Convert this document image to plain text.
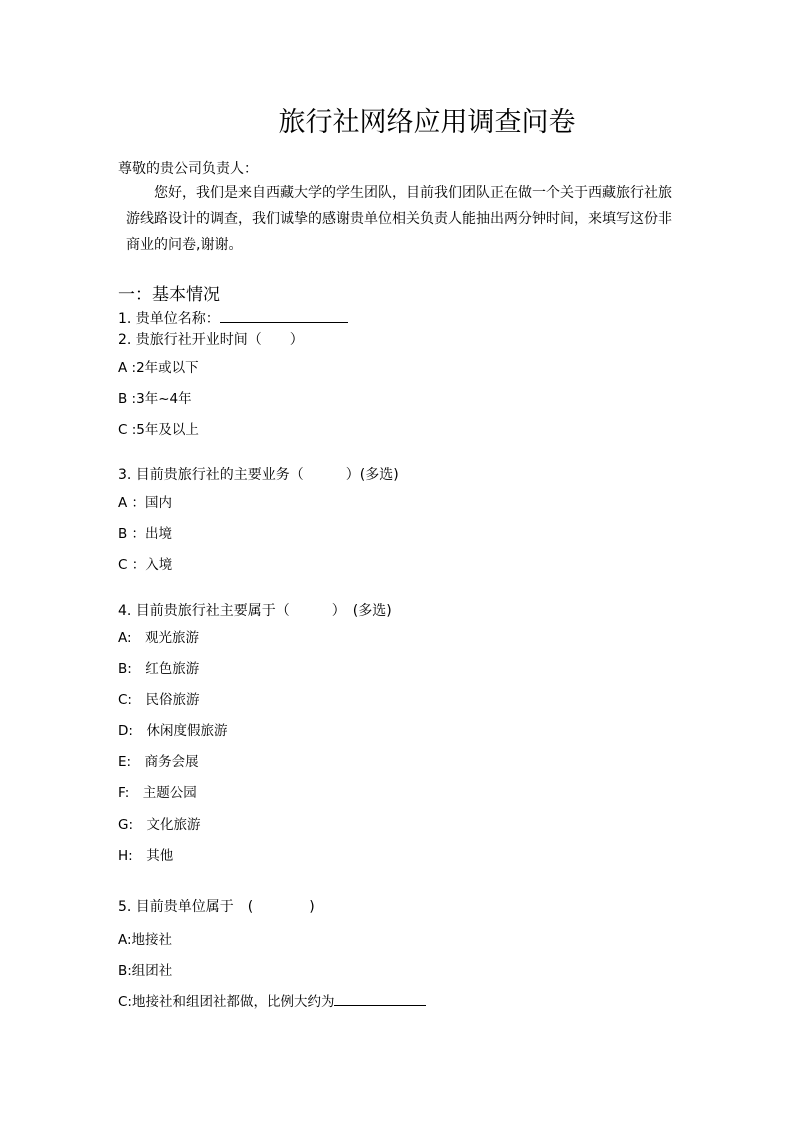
旅行社网络应用调查问卷
尊敬的贵公司负责人：
您好，我们是来自西藏大学的学生团队，目前我们团队正在做一个关于西藏旅行社旅游线路设计的调查，我们诚挚的感谢贵单位相关负责人能抽出两分钟时间，来填写这份非商业的问卷,谢谢。
一：基本情况
1. 贵单位名称：
2. 贵旅行社开业时间（　　）
A :2年或以下
B :3年~4年
C :5年及以上
3. 目前贵旅行社的主要业务（　　　）(多选)
A ：国内
B ：出境
C ：入境
4. 目前贵旅行社主要属于（　　　）　(多选)
A:　观光旅游
B:　红色旅游
C:　民俗旅游
D:　休闲度假旅游
E:　商务会展
F:　主题公园
G:　文化旅游
H:　其他
5. 目前贵单位属于　(　　　　)
A:地接社
B:组团社
C:地接社和组团社都做，比例大约为
